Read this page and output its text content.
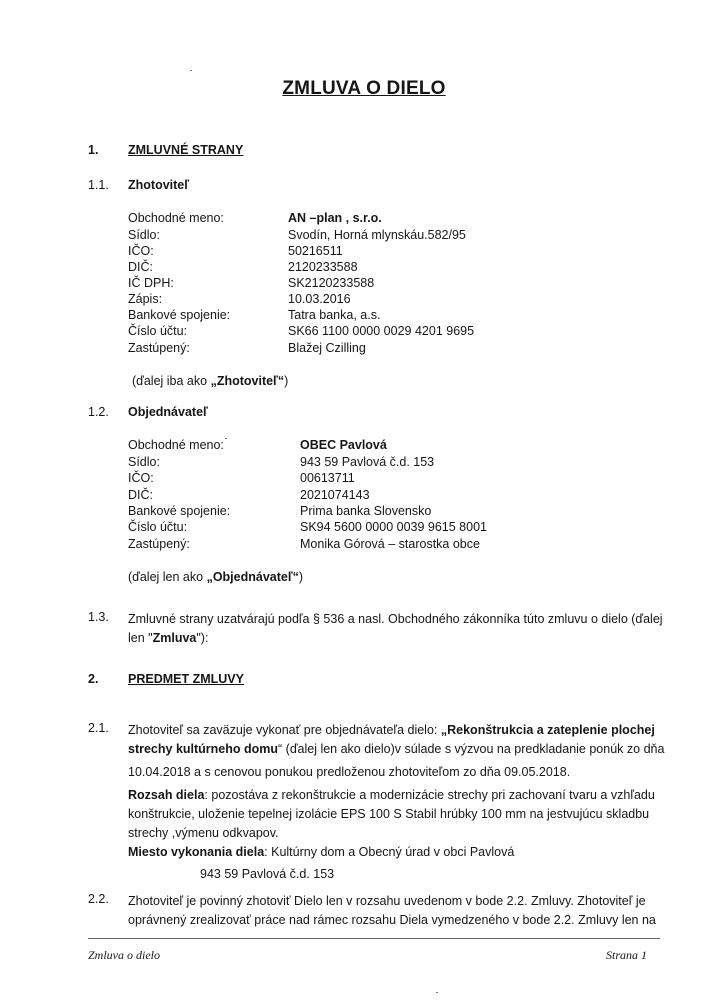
ZMLUVA O DIELO
1. ZMLUVNÉ STRANY
1.1. Zhotoviteľ
Obchodné meno:	AN –plan , s.r.o.
Sídlo:	Svodín, Horná mlynskáu.582/95
IČO:	50216511
DIČ:	2120233588
IČ DPH:	SK2120233588
Zápis:	10.03.2016
Bankové spojenie:	Tatra banka, a.s.
Číslo účtu:	SK66 1100 0000 0029 4201 9695
Zastúpený:	Blažej Czilling
(ďalej iba ako „Zhotoviteľ“)
1.2. Objednávateľ
Obchodné meno:	OBEC Pavlová
Sídlo:	943 59 Pavlová č.d. 153
IČO:	00613711
DIČ:	2021074143
Bankové spojenie:	Prima banka Slovensko
Číslo účtu:	SK94 5600 0000 0039 9615 8001
Zastúpený:	Monika Górová – starostka obce
(ďalej len ako „Objednávateľ“)
1.3. Zmluvné strany uzatvárajú podľa § 536 a nasl. Obchodného zákonníka túto zmluvu o dielo (ďalej

len "Zmluva"):

2. PREDMET ZMLUVY
2.1. Zhotoviteľ sa zaväzuje vykonať pre objednávateľa dielo: „Rekonštrukcia a zateplenie plochej

strechy kultúrneho domu“ (ďalej len ako dielo)v súlade s výzvou na predkladanie ponúk zo dňa

10.04.2018 a s cenovou ponukou predloženou zhotoviteľom zo dňa 09.05.2018.

Rozsah diela: pozostáva z rekonštrukcie a modernizácie strechy pri zachovaní tvaru a vzhľadu

konštrukcie, uloženie tepelnej izolácie EPS 100 S Stabil hrúbky 100 mm na jestvujúcu skladbu

strechy ,výmenu odkvapov.

Miesto vykonania diela: Kultúrny dom a Obecný úrad v obci Pavlová

943 59 Pavlová č.d. 153
2.2. Zhotoviteľ je povinný zhotoviť Dielo len v rozsahu uvedenom v bode 2.2. Zmluvy. Zhotoviteľ je

oprávnený zrealizovať práce nad rámec rozsahu Diela vymedzeného v bode 2.2. Zmluvy len na

Zmluva o dielo	Strana 1
